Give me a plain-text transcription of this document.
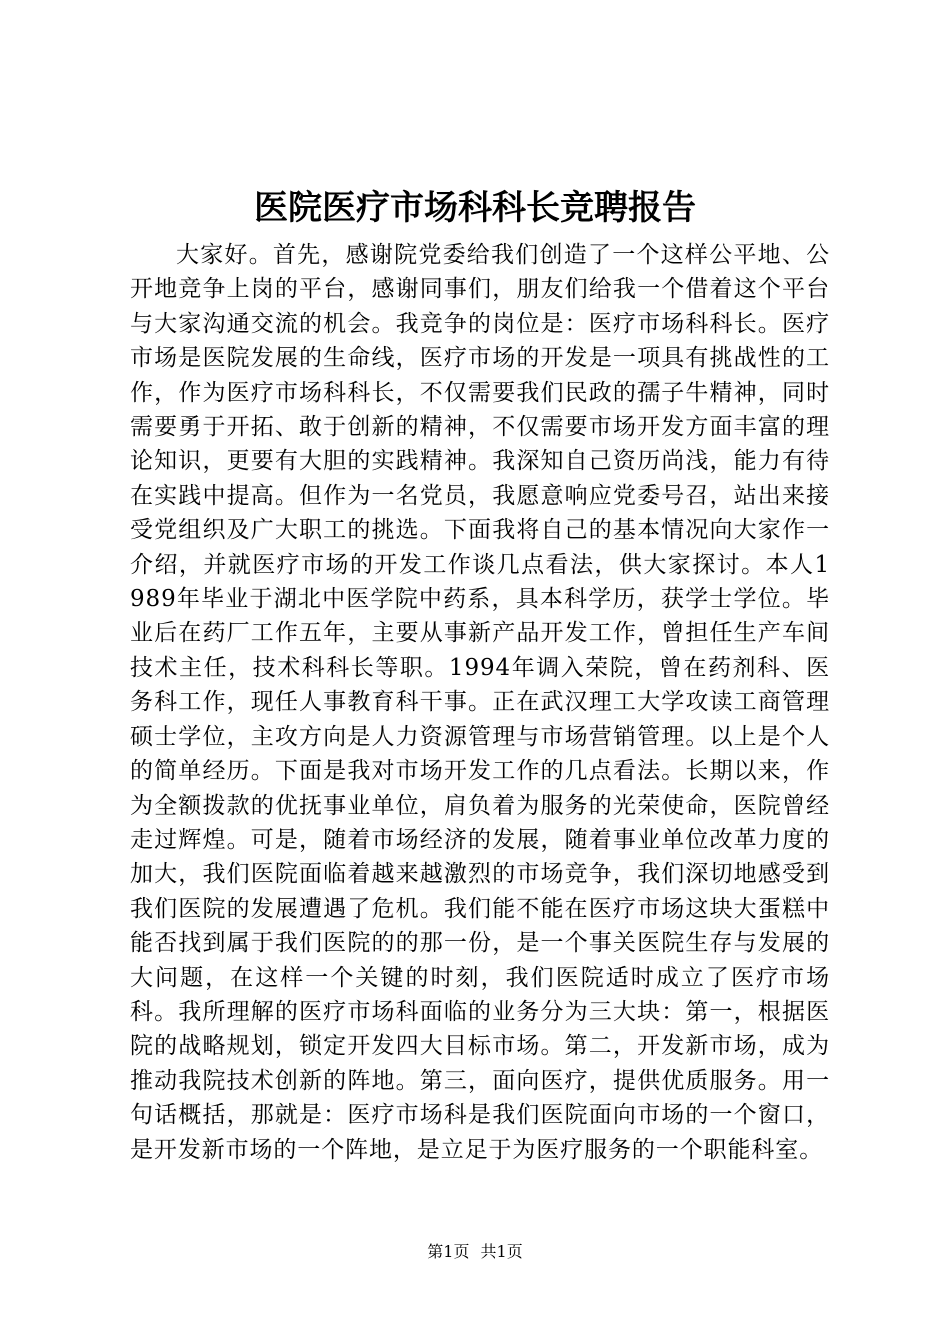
医院医疗市场科科长竞聘报告

大家好。首先，感谢院党委给我们创造了一个这样公平地、公开地竞争上岗的平台，感谢同事们，朋友们给我一个借着这个平台与大家沟通交流的机会。我竞争的岗位是：医疗市场科科长。医疗市场是医院发展的生命线，医疗市场的开发是一项具有挑战性的工作，作为医疗市场科科长，不仅需要我们民政的孺子牛精神，同时需要勇于开拓、敢于创新的精神，不仅需要市场开发方面丰富的理论知识，更要有大胆的实践精神。我深知自己资历尚浅，能力有待在实践中提高。但作为一名党员，我愿意响应党委号召，站出来接受党组织及广大职工的挑选。下面我将自己的基本情况向大家作一介绍，并就医疗市场的开发工作谈几点看法，供大家探讨。本人1989年毕业于湖北中医学院中药系，具本科学历，获学士学位。毕业后在药厂工作五年，主要从事新产品开发工作，曾担任生产车间技术主任，技术科科长等职。1994年调入荣院，曾在药剂科、医务科工作，现任人事教育科干事。正在武汉理工大学攻读工商管理硕士学位，主攻方向是人力资源管理与市场营销管理。以上是个人的简单经历。下面是我对市场开发工作的几点看法。长期以来，作为全额拨款的优抚事业单位，肩负着为服务的光荣使命，医院曾经走过辉煌。可是，随着市场经济的发展，随着事业单位改革力度的加大，我们医院面临着越来越激烈的市场竞争，我们深切地感受到我们医院的发展遭遇了危机。我们能不能在医疗市场这块大蛋糕中能否找到属于我们医院的的那一份，是一个事关医院生存与发展的大问题，在这样一个关键的时刻，我们医院适时成立了医疗市场科。我所理解的医疗市场科面临的业务分为三大块：第一，根据医院的战略规划，锁定开发四大目标市场。第二，开发新市场，成为推动我院技术创新的阵地。第三，面向医疗，提供优质服务。用一句话概括，那就是：医疗市场科是我们医院面向市场的一个窗口，是开发新市场的一个阵地，是立足于为医疗服务的一个职能科室。

第1页 共1页
